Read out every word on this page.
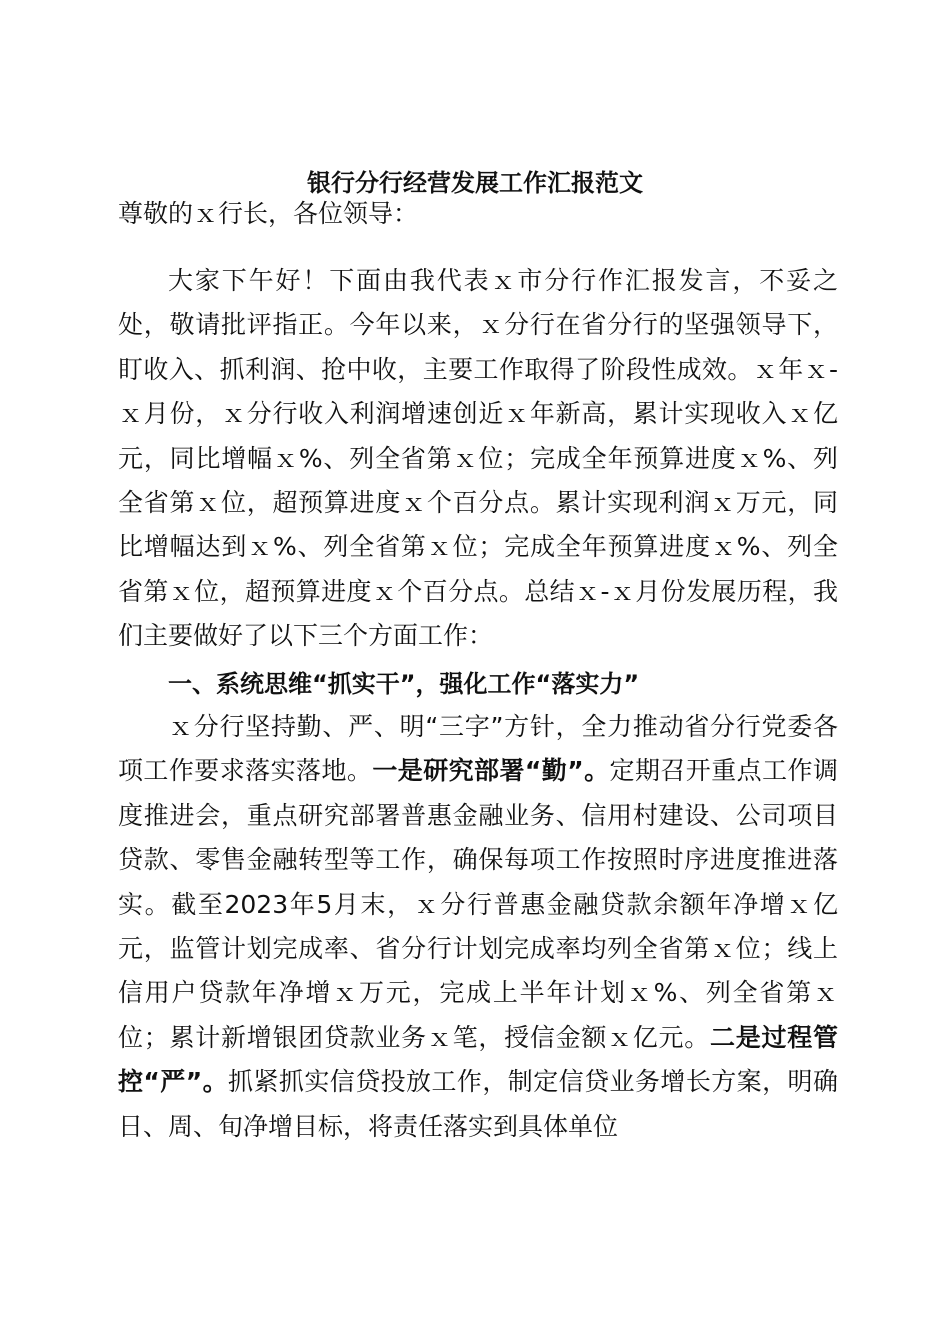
银行分行经营发展工作汇报范文
尊敬的ｘ行长，各位领导：
大家下午好！下面由我代表ｘ市分行作汇报发言，不妥之处，敬请批评指正。今年以来，ｘ分行在省分行的坚强领导下，盯收入、抓利润、抢中收，主要工作取得了阶段性成效。ｘ年ｘ-ｘ月份，ｘ分行收入利润增速创近ｘ年新高，累计实现收入ｘ亿元，同比增幅ｘ%、列全省第ｘ位；完成全年预算进度ｘ%、列全省第ｘ位，超预算进度ｘ个百分点。累计实现利润ｘ万元，同比增幅达到ｘ%、列全省第ｘ位；完成全年预算进度ｘ%、列全省第ｘ位，超预算进度ｘ个百分点。总结ｘ-ｘ月份发展历程，我们主要做好了以下三个方面工作：
一、系统思维“抓实干”，强化工作“落实力”
ｘ分行坚持勤、严、明“三字”方针，全力推动省分行党委各项工作要求落实落地。一是研究部署“勤”。定期召开重点工作调度推进会，重点研究部署普惠金融业务、信用村建设、公司项目贷款、零售金融转型等工作，确保每项工作按照时序进度推进落实。截至2023年5月末，ｘ分行普惠金融贷款余额年净增ｘ亿元，监管计划完成率、省分行计划完成率均列全省第ｘ位；线上信用户贷款年净增ｘ万元，完成上半年计划ｘ%、列全省第ｘ位；累计新增银团贷款业务ｘ笔，授信金额ｘ亿元。二是过程管控“严”。抓紧抓实信贷投放工作，制定信贷业务增长方案，明确日、周、旬净增目标，将责任落实到具体单位
